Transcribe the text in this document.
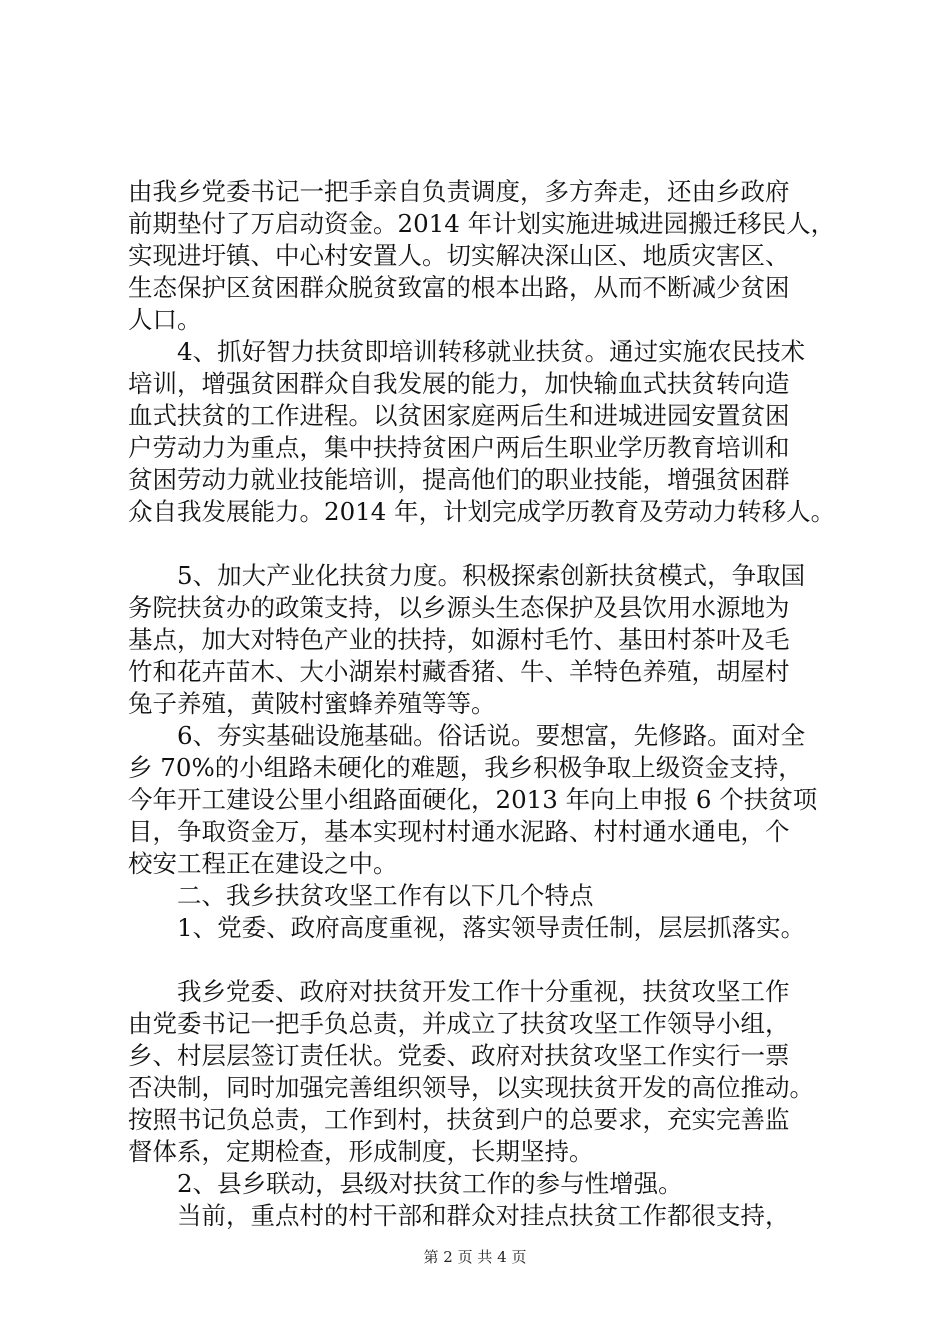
由我乡党委书记一把手亲自负责调度，多方奔走，还由乡政府
前期垫付了万启动资金。2014 年计划实施进城进园搬迁移民人，
实现进圩镇、中心村安置人。切实解决深山区、地质灾害区、
生态保护区贫困群众脱贫致富的根本出路，从而不断减少贫困
人口。
4、抓好智力扶贫即培训转移就业扶贫。通过实施农民技术
培训，增强贫困群众自我发展的能力，加快输血式扶贫转向造
血式扶贫的工作进程。以贫困家庭两后生和进城进园安置贫困
户劳动力为重点，集中扶持贫困户两后生职业学历教育培训和
贫困劳动力就业技能培训，提高他们的职业技能，增强贫困群
众自我发展能力。2014 年，计划完成学历教育及劳动力转移人。
5、加大产业化扶贫力度。积极探索创新扶贫模式，争取国
务院扶贫办的政策支持，以乡源头生态保护及县饮用水源地为
基点，加大对特色产业的扶持，如源村毛竹、基田村茶叶及毛
竹和花卉苗木、大小湖岽村藏香猪、牛、羊特色养殖，胡屋村
兔子养殖，黄陂村蜜蜂养殖等等。
6、夯实基础设施基础。俗话说。要想富，先修路。面对全
乡 70%的小组路未硬化的难题，我乡积极争取上级资金支持，
今年开工建设公里小组路面硬化，2013 年向上申报 6 个扶贫项
目，争取资金万，基本实现村村通水泥路、村村通水通电，个
校安工程正在建设之中。
二、我乡扶贫攻坚工作有以下几个特点
1、党委、政府高度重视，落实领导责任制，层层抓落实。
我乡党委、政府对扶贫开发工作十分重视，扶贫攻坚工作
由党委书记一把手负总责，并成立了扶贫攻坚工作领导小组，
乡、村层层签订责任状。党委、政府对扶贫攻坚工作实行一票
否决制，同时加强完善组织领导，以实现扶贫开发的高位推动。
按照书记负总责，工作到村，扶贫到户的总要求，充实完善监
督体系，定期检查，形成制度，长期坚持。
2、县乡联动，县级对扶贫工作的参与性增强。
当前，重点村的村干部和群众对挂点扶贫工作都很支持，
第 2 页 共 4 页
